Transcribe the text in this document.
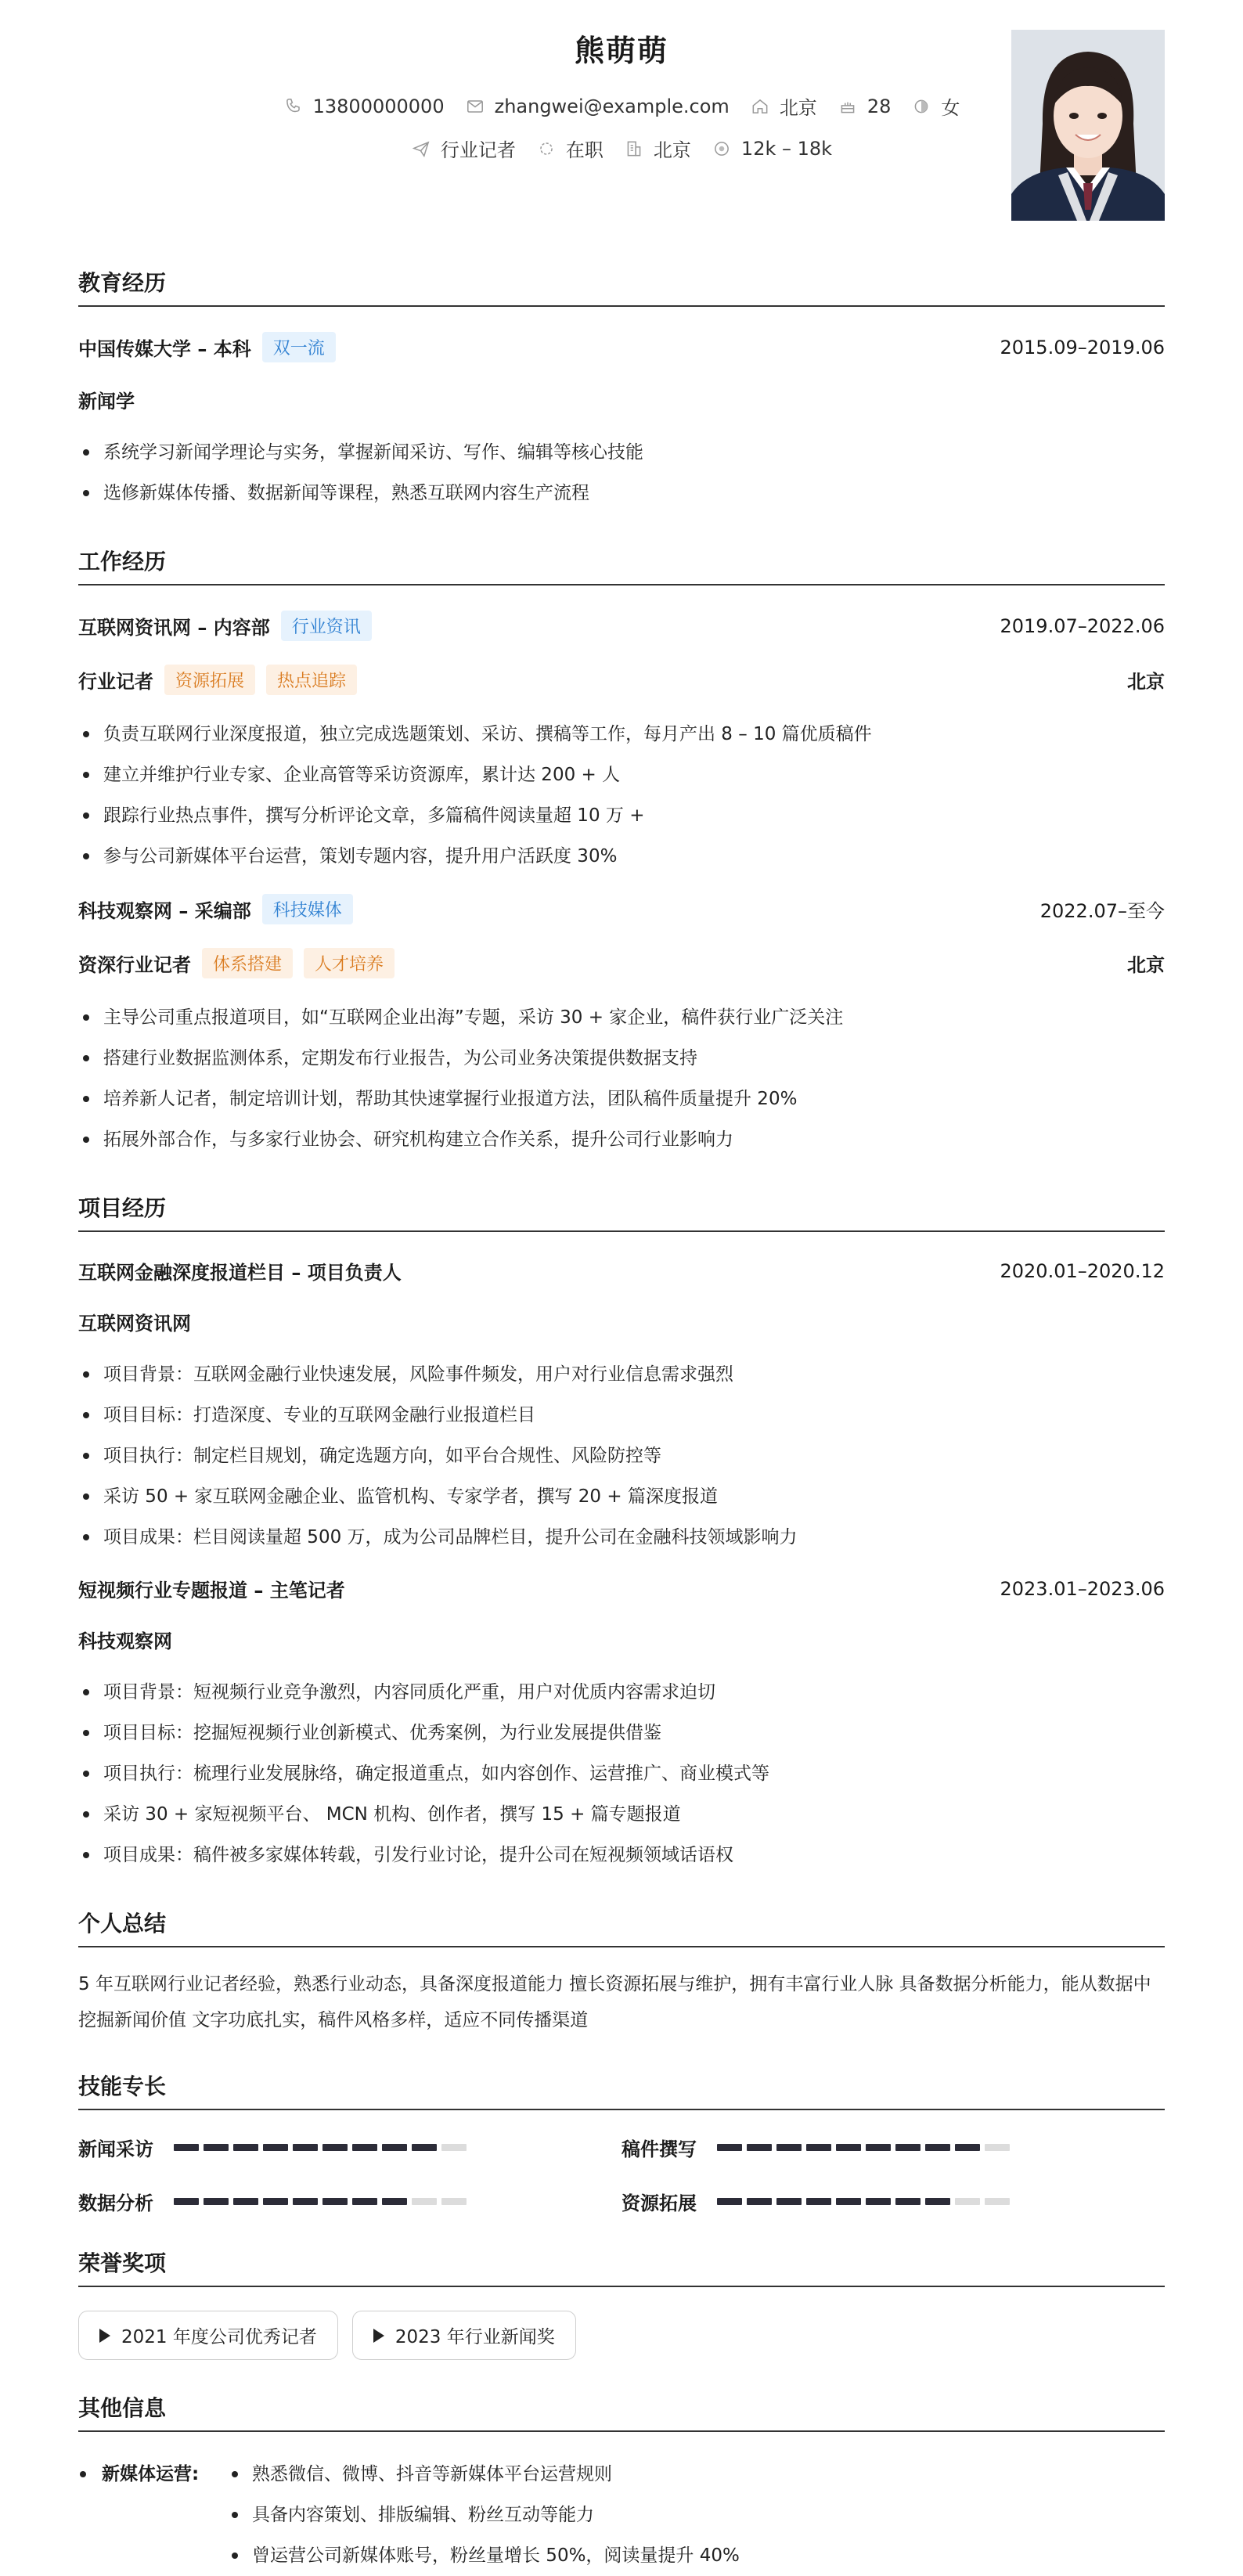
熊萌萌
13800000000	zhangwei@example.com	北京	28	女
行业记者	在职	北京	12k – 18k
教育经历
中国传媒大学 – 本科	双一流	2015.09–2019.06
新闻学
系统学习新闻学理论与实务，掌握新闻采访、写作、编辑等核心技能
选修新媒体传播、数据新闻等课程，熟悉互联网内容生产流程
工作经历
互联网资讯网 – 内容部	行业资讯	2019.07–2022.06
行业记者	资源拓展	热点追踪	北京
负责互联网行业深度报道，独立完成选题策划、采访、撰稿等工作，每月产出 8 – 10 篇优质稿件
建立并维护行业专家、企业高管等采访资源库，累计达 200 + 人
跟踪行业热点事件，撰写分析评论文章，多篇稿件阅读量超 10 万 +
参与公司新媒体平台运营，策划专题内容，提升用户活跃度 30%
科技观察网 – 采编部	科技媒体	2022.07–至今
资深行业记者	体系搭建	人才培养	北京
主导公司重点报道项目，如“互联网企业出海”专题，采访 30 + 家企业，稿件获行业广泛关注
搭建行业数据监测体系，定期发布行业报告，为公司业务决策提供数据支持
培养新人记者，制定培训计划，帮助其快速掌握行业报道方法，团队稿件质量提升 20%
拓展外部合作，与多家行业协会、研究机构建立合作关系，提升公司行业影响力
项目经历
互联网金融深度报道栏目 – 项目负责人	2020.01–2020.12
互联网资讯网
项目背景：互联网金融行业快速发展，风险事件频发，用户对行业信息需求强烈
项目目标：打造深度、专业的互联网金融行业报道栏目
项目执行：制定栏目规划，确定选题方向，如平台合规性、风险防控等
采访 50 + 家互联网金融企业、监管机构、专家学者，撰写 20 + 篇深度报道
项目成果：栏目阅读量超 500 万，成为公司品牌栏目，提升公司在金融科技领域影响力
短视频行业专题报道 – 主笔记者	2023.01–2023.06
科技观察网
项目背景：短视频行业竞争激烈，内容同质化严重，用户对优质内容需求迫切
项目目标：挖掘短视频行业创新模式、优秀案例，为行业发展提供借鉴
项目执行：梳理行业发展脉络，确定报道重点，如内容创作、运营推广、商业模式等
采访 30 + 家短视频平台、 MCN 机构、创作者，撰写 15 + 篇专题报道
项目成果：稿件被多家媒体转载，引发行业讨论，提升公司在短视频领域话语权
个人总结
5 年互联网行业记者经验，熟悉行业动态，具备深度报道能力 擅长资源拓展与维护，拥有丰富行业人脉 具备数据分析能力，能从数据中挖掘新闻价值 文字功底扎实，稿件风格多样，适应不同传播渠道
技能专长
新闻采访	稿件撰写
数据分析	资源拓展
荣誉奖项
2021 年度公司优秀记者	2023 年行业新闻奖
其他信息
新媒体运营:	熟悉微信、微博、抖音等新媒体平台运营规则
具备内容策划、排版编辑、粉丝互动等能力
曾运营公司新媒体账号，粉丝量增长 50%，阅读量提升 40%
